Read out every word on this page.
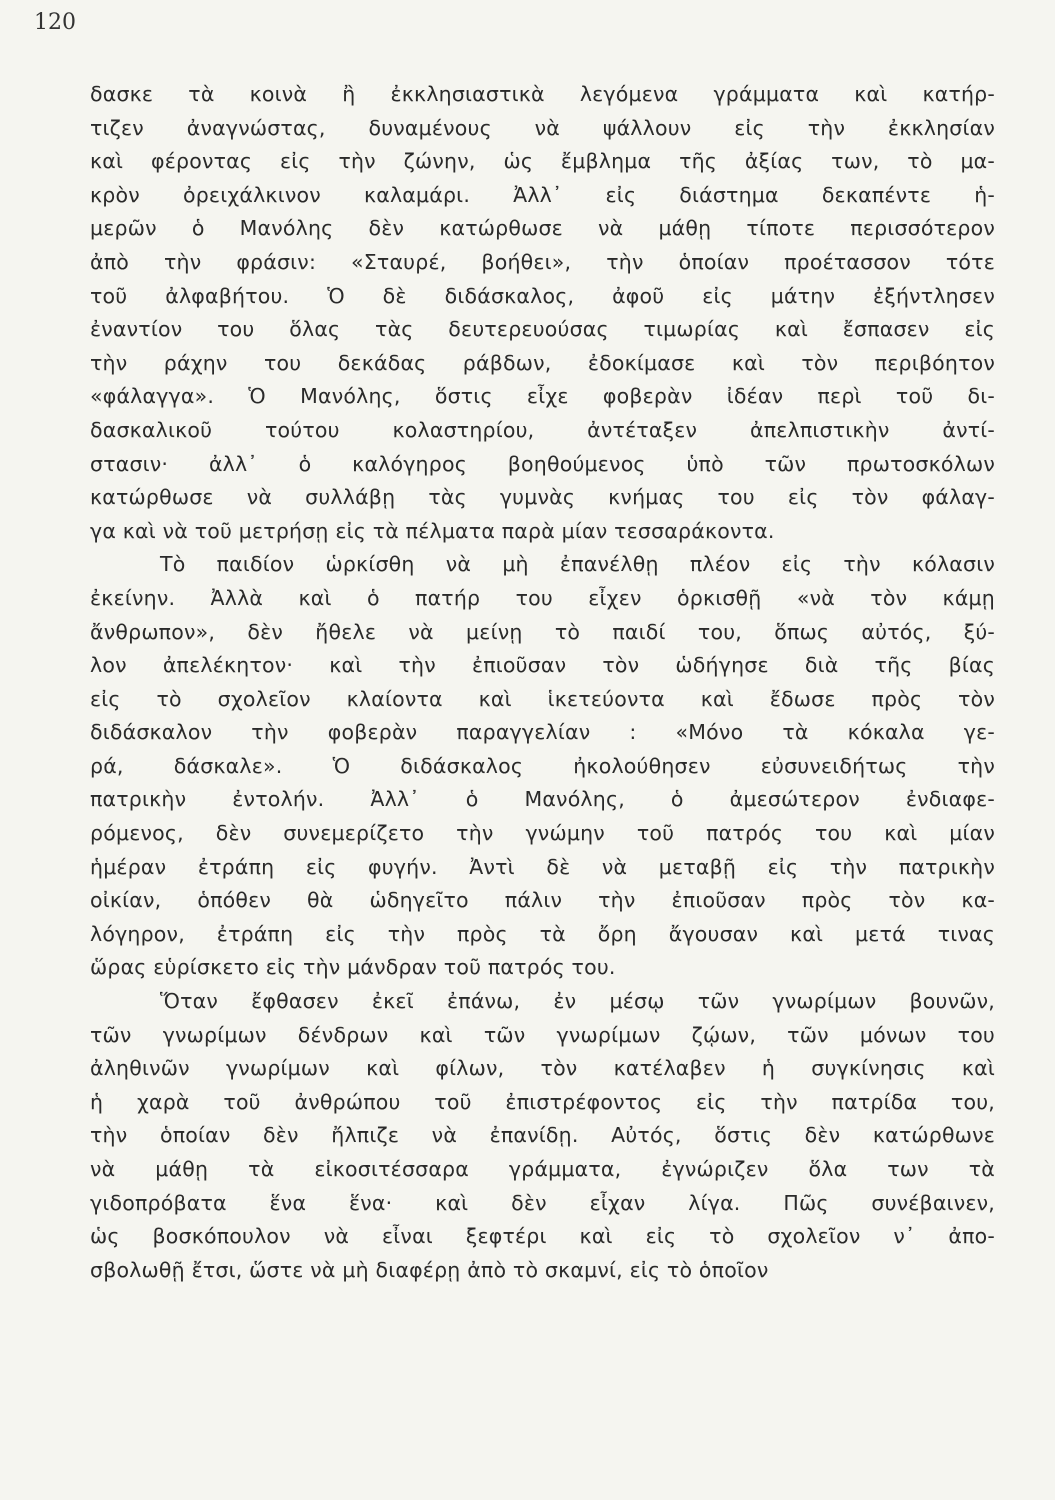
120
δασκε τὰ κοινὰ ἢ ἐκκλησιαστικὰ λεγόμενα γράμματα καὶ κατήρ-
τιζεν ἀναγνώστας, δυναμένους νὰ ψάλλουν εἰς τὴν ἐκκλησίαν
καὶ φέροντας εἰς τὴν ζώνην, ὡς ἔμβλημα τῆς ἀξίας των, τὸ μα-
κρὸν ὀρειχάλκινον καλαμάρι. Ἀλλ᾽ εἰς διάστημα δεκαπέντε ἡ-
μερῶν ὁ Μανόλης δὲν κατώρθωσε νὰ μάθῃ τίποτε περισσότερον
ἀπὸ τὴν φράσιν: «Σταυρέ, βοήθει», τὴν ὁποίαν προέτασσον τότε
τοῦ ἀλφαβήτου. Ὁ δὲ διδάσκαλος, ἀφοῦ εἰς μάτην ἐξήντλησεν
ἐναντίον του ὅλας τὰς δευτερευούσας τιμωρίας καὶ ἔσπασεν εἰς
τὴν ράχην του δεκάδας ράβδων, ἐδοκίμασε καὶ τὸν περιβόητον
«φάλαγγα». Ὁ Μανόλης, ὅστις εἶχε φοβερὰν ἰδέαν περὶ τοῦ δι-
δασκαλικοῦ τούτου κολαστηρίου, ἀντέταξεν ἀπελπιστικὴν ἀντί-
στασιν· ἀλλ᾽ ὁ καλόγηρος βοηθούμενος ὑπὸ τῶν πρωτοσκόλων
κατώρθωσε νὰ συλλάβῃ τὰς γυμνὰς κνήμας του εἰς τὸν φάλαγ-
γα καὶ νὰ τοῦ μετρήσῃ εἰς τὰ πέλματα παρὰ μίαν τεσσαράκοντα.
Τὸ παιδίον ὡρκίσθη νὰ μὴ ἐπανέλθῃ πλέον εἰς τὴν κόλασιν
ἐκείνην. Ἀλλὰ καὶ ὁ πατήρ του εἶχεν ὁρκισθῇ «νὰ τὸν κάμῃ
ἄνθρωπον», δὲν ἤθελε νὰ μείνῃ τὸ παιδί του, ὅπως αὐτός, ξύ-
λον ἀπελέκητον· καὶ τὴν ἐπιοῦσαν τὸν ὡδήγησε διὰ τῆς βίας
εἰς τὸ σχολεῖον κλαίοντα καὶ ἱκετεύοντα καὶ ἔδωσε πρὸς τὸν
διδάσκαλον τὴν φοβερὰν παραγγελίαν : «Μόνο τὰ κόκαλα γε-
ρά, δάσκαλε». Ὁ διδάσκαλος ἠκολούθησεν εὐσυνειδήτως τὴν
πατρικὴν ἐντολήν. Ἀλλ᾽ ὁ Μανόλης, ὁ ἀμεσώτερον ἐνδιαφε-
ρόμενος, δὲν συνεμερίζετο τὴν γνώμην τοῦ πατρός του καὶ μίαν
ἡμέραν ἐτράπη εἰς φυγήν. Ἀντὶ δὲ νὰ μεταβῇ εἰς τὴν πατρικὴν
οἰκίαν, ὁπόθεν θὰ ὡδηγεῖτο πάλιν τὴν ἐπιοῦσαν πρὸς τὸν κα-
λόγηρον, ἐτράπη εἰς τὴν πρὸς τὰ ὄρη ἄγουσαν καὶ μετά τινας
ὥρας εὑρίσκετο εἰς τὴν μάνδραν τοῦ πατρός του.
Ὅταν ἔφθασεν ἐκεῖ ἐπάνω, ἐν μέσῳ τῶν γνωρίμων βουνῶν,
τῶν γνωρίμων δένδρων καὶ τῶν γνωρίμων ζῴων, τῶν μόνων του
ἀληθινῶν γνωρίμων καὶ φίλων, τὸν κατέλαβεν ἡ συγκίνησις καὶ
ἡ χαρὰ τοῦ ἀνθρώπου τοῦ ἐπιστρέφοντος εἰς τὴν πατρίδα του,
τὴν ὁποίαν δὲν ἤλπιζε νὰ ἐπανίδῃ. Αὐτός, ὅστις δὲν κατώρθωνε
νὰ μάθῃ τὰ εἰκοσιτέσσαρα γράμματα, ἐγνώριζεν ὅλα των τὰ
γιδοπρόβατα ἕνα ἕνα· καὶ δὲν εἶχαν λίγα. Πῶς συνέβαινεν,
ὡς βοσκόπουλον νὰ εἶναι ξεφτέρι καὶ εἰς τὸ σχολεῖον ν᾽ ἀπο-
σβολωθῇ ἔτσι, ὥστε νὰ μὴ διαφέρῃ ἀπὸ τὸ σκαμνί, εἰς τὸ ὁποῖον
